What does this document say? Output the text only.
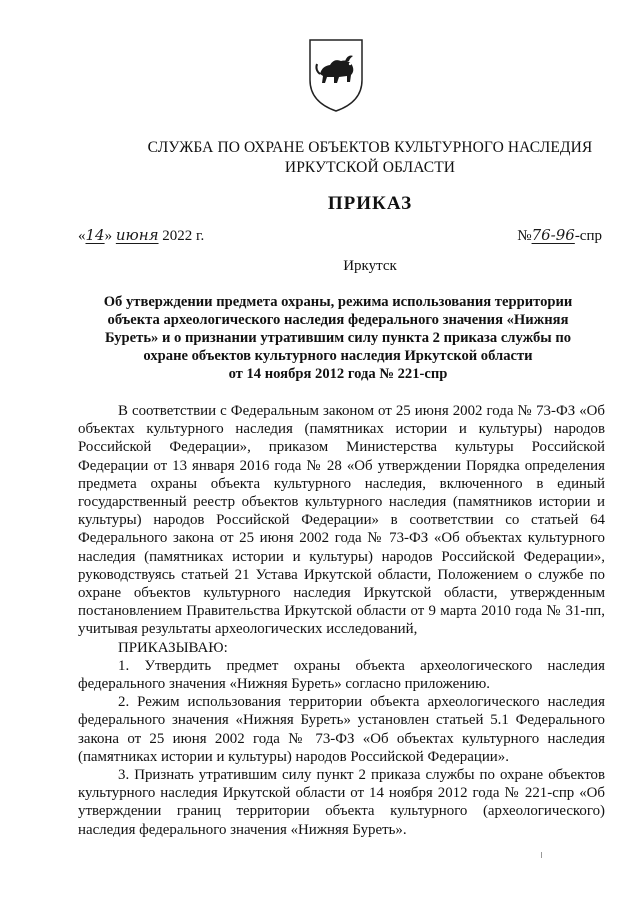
СЛУЖБА ПО ОХРАНЕ ОБЪЕКТОВ КУЛЬТУРНОГО НАСЛЕДИЯ
ИРКУТСКОЙ ОБЛАСТИ
ПРИКАЗ
«14» июня 2022 г.	№76-96-спр
Иркутск
Об утверждении предмета охраны, режима использования территории
объекта археологического наследия федерального значения «Нижняя
Буреть» и о признании утратившим силу пункта 2 приказа службы по
охране объектов культурного наследия Иркутской области
от 14 ноября 2012 года № 221-спр

В соответствии с Федеральным законом от 25 июня 2002 года № 73-ФЗ «Об объектах культурного наследия (памятниках истории и культуры) народов Российской Федерации», приказом Министерства культуры Российской Федерации от 13 января 2016 года № 28 «Об утверждении Порядка определения предмета охраны объекта культурного наследия, включенного в единый государственный реестр объектов культурного наследия (памятников истории и культуры) народов Российской Федерации» в соответствии со статьей 64 Федерального закона от 25 июня 2002 года № 73-ФЗ «Об объектах культурного наследия (памятниках истории и культуры) народов Российской Федерации», руководствуясь статьей 21 Устава Иркутской области, Положением о службе по охране объектов культурного наследия Иркутской области, утвержденным постановлением Правительства Иркутской области от 9 марта 2010 года № 31-пп, учитывая результаты археологических исследований,

ПРИКАЗЫВАЮ:

1. Утвердить предмет охраны объекта археологического наследия федерального значения «Нижняя Буреть» согласно приложению.

2. Режим использования территории объекта археологического наследия федерального значения «Нижняя Буреть» установлен статьей 5.1 Федерального закона от 25 июня 2002 года № 73-ФЗ «Об объектах культурного наследия (памятниках истории и культуры) народов Российской Федерации».

3. Признать утратившим силу пункт 2 приказа службы по охране объектов культурного наследия Иркутской области от 14 ноября 2012 года № 221-спр «Об утверждении границ территории объекта культурного (археологического) наследия федерального значения «Нижняя Буреть».
